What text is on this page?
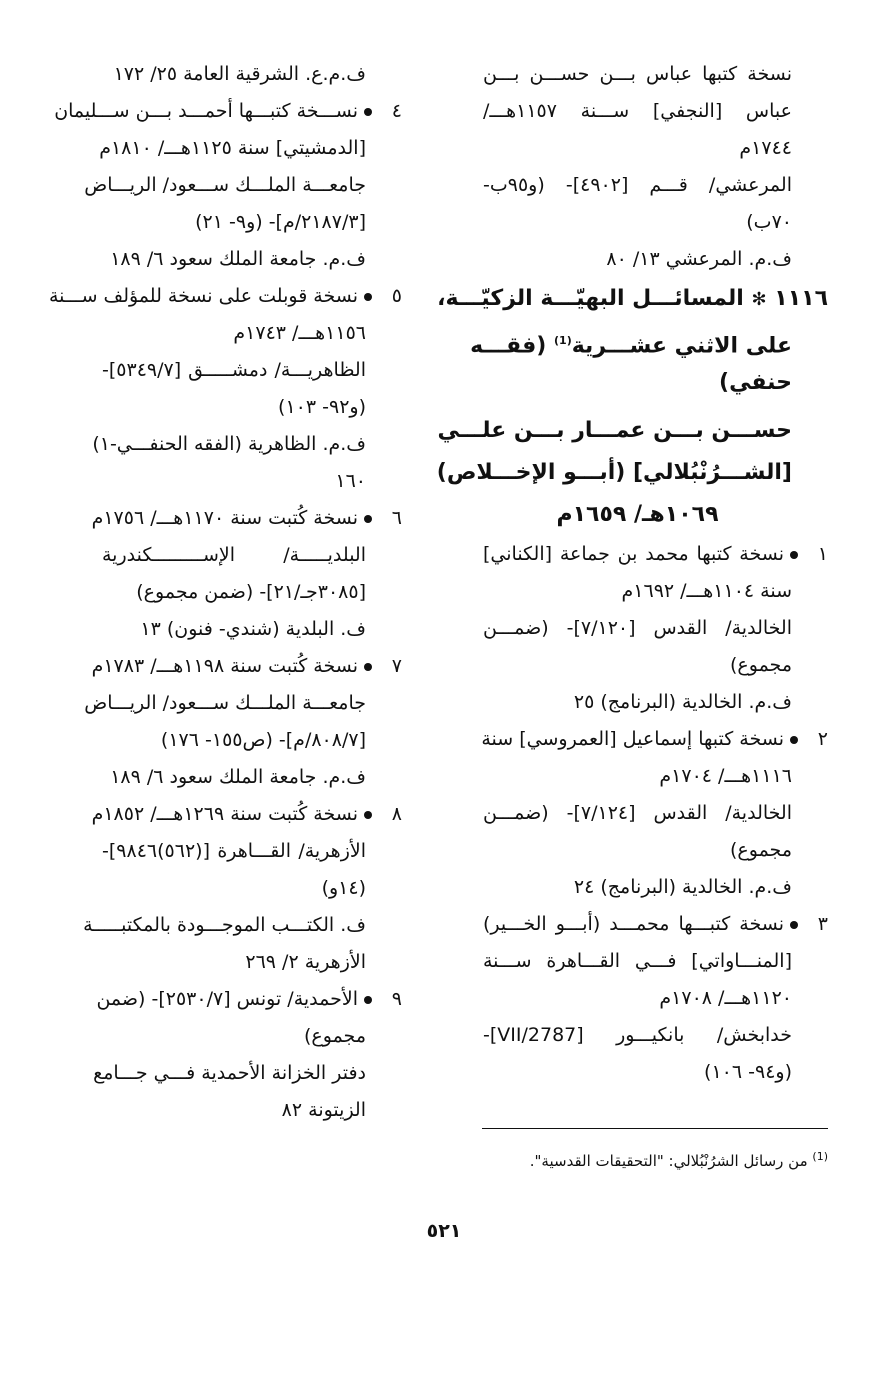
نسخة كتبها عباس بـــن حســـن بـــن
عباس [النجفي] ســـنة ١١٥٧هـــ/
١٧٤٤م
المرعشي/ قـــم [٤٩٠٢]- (و٩٥ب-
٧٠ب)
ف.م. المرعشي ١٣/ ٨٠
١١١٦ ✻ المسائـــل البهيّـــة الزكيّـــة،
على الاثني عشـــرية$^{(1)}$ (فقـــه
حنفي)
حســـن بـــن عمـــار بـــن علـــي
[الشـــرُنْبُلالي] (أبـــو الإخـــلاص)
١٠٦٩هـ/ ١٦٥٩م
١نسخة كتبها محمد بن جماعة [الكناني]
سنة ١١٠٤هـــ/ ١٦٩٢م
الخالدية/ القدس [٧/١٢٠]- (ضمـــن
مجموع)
ف.م. الخالدية (البرنامج) ٢٥
٢نسخة كتبها إسماعيل [العمروسي] سنة
١١١٦هـــ/ ١٧٠٤م
الخالدية/ القدس [٧/١٢٤]- (ضمـــن
مجموع)
ف.م. الخالدية (البرنامج) ٢٤
٣نسخة كتبـــها محمـــد (أبـــو الخـــير)
[المنـــاواتي] فـــي القـــاهرة ســـنة
١١٢٠هـــ/ ١٧٠٨م
خدابخش/ بانكيـــور [2787/VII]-
(و٩٤- ١٠٦)
ف.م.ع. الشرقية العامة ٢٥/ ١٧٢
٤نســـخة كتبـــها أحمـــد بـــن ســـليمان
[الدمشيتي] سنة ١١٢٥هـــ/ ١٨١٠م
جامعـــة الملـــك ســـعود/ الريـــاض
[٢١٨٧/٣/م]- (و٩- ٢١)
ف.م. جامعة الملك سعود ٦/ ١٨٩
٥نسخة قوبلت على نسخة للمؤلف ســـنة
١١٥٦هـــ/ ١٧٤٣م
الظاهريـــة/ دمشـــــق [٥٣٤٩/٧]-
(و٩٢- ١٠٣)
ف.م. الظاهرية (الفقه الحنفـــي-١)
١٦٠
٦نسخة كُتبت سنة ١١٧٠هـــ/ ١٧٥٦م
البلديـــــة/ الإســـــــــكندرية
[٣٠٨٥جـ/٢١]- (ضمن مجموع)
ف. البلدية (شندي- فنون) ١٣
٧نسخة كُتبت سنة ١١٩٨هـــ/ ١٧٨٣م
جامعـــة الملـــك ســـعود/ الريـــاض
[٨٠٨/٧/م]- (ص١٥٥- ١٧٦)
ف.م. جامعة الملك سعود ٦/ ١٨٩
٨نسخة كُتبت سنة ١٢٦٩هـــ/ ١٨٥٢م
الأزهرية/ القـــاهرة [(٥٦٢)٩٨٤٦]-
(١٤و)
ف. الكتـــب الموجـــودة بالمكتبـــــة
الأزهرية ٢/ ٢٦٩
٩الأحمدية/ تونس [٢٥٣٠/٧]- (ضمن
مجموع)
دفتر الخزانة الأحمدية فـــي جـــامع
الزيتونة ٨٢
$^{(1)}$ من رسائل الشرُنْبُلالي: "التحقيقات القدسية".
٥٢١
